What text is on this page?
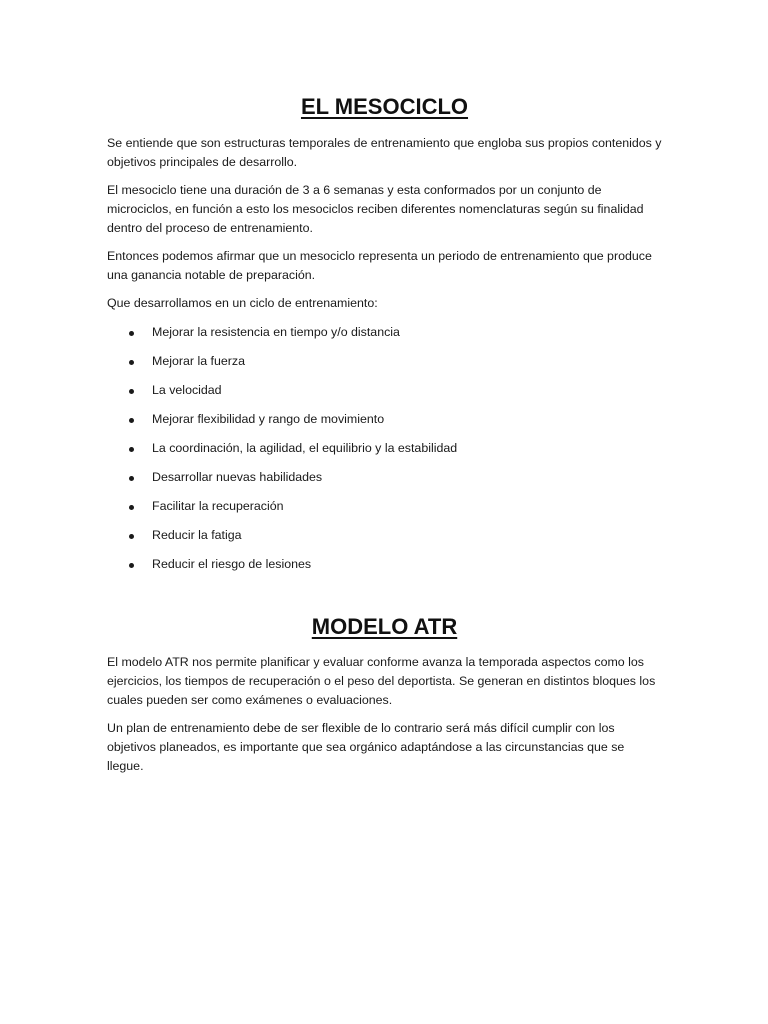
EL MESOCICLO

Se entiende que son estructuras temporales de entrenamiento que engloba sus propios contenidos y objetivos principales de desarrollo.

El mesociclo tiene una duración de 3 a 6 semanas y esta conformados por un conjunto de microciclos, en función a esto los mesociclos reciben diferentes nomenclaturas según su finalidad dentro del proceso de entrenamiento.

Entonces podemos afirmar que un mesociclo representa un periodo de entrenamiento que produce una ganancia notable de preparación.

Que desarrollamos en un ciclo de entrenamiento:

Mejorar la resistencia en tiempo y/o distancia
Mejorar la fuerza
La velocidad
Mejorar flexibilidad y rango de movimiento
La coordinación, la agilidad, el equilibrio y la estabilidad
Desarrollar nuevas habilidades
Facilitar la recuperación
Reducir la fatiga
Reducir el riesgo de lesiones
MODELO ATR

El modelo ATR nos permite planificar y evaluar conforme avanza la temporada aspectos como los ejercicios, los tiempos de recuperación o el peso del deportista. Se generan en distintos bloques los cuales pueden ser como exámenes o evaluaciones.

Un plan de entrenamiento debe de ser flexible de lo contrario será más difícil cumplir con los objetivos planeados, es importante que sea orgánico adaptándose a las circunstancias que se llegue.
